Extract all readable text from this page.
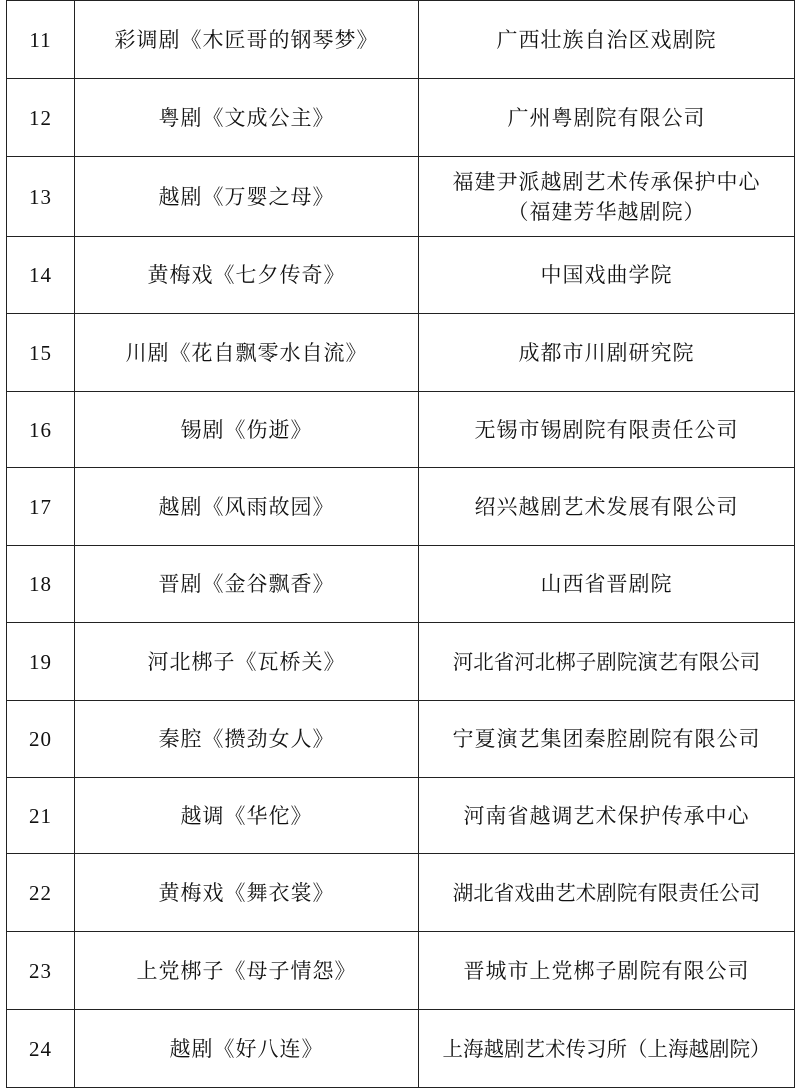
11	彩调剧《木匠哥的钢琴梦》	广西壮族自治区戏剧院

12	粤剧《文成公主》	广州粤剧院有限公司

13	越剧《万婴之母》	福建尹派越剧艺术传承保护中心
（福建芳华越剧院）

14	黄梅戏《七夕传奇》	中国戏曲学院

15	川剧《花自飘零水自流》	成都市川剧研究院

16	锡剧《伤逝》	无锡市锡剧院有限责任公司

17	越剧《风雨故园》	绍兴越剧艺术发展有限公司

18	晋剧《金谷飘香》	山西省晋剧院

19	河北梆子《瓦桥关》	河北省河北梆子剧院演艺有限公司

20	秦腔《攒劲女人》	宁夏演艺集团秦腔剧院有限公司

21	越调《华佗》	河南省越调艺术保护传承中心

22	黄梅戏《舞衣裳》	湖北省戏曲艺术剧院有限责任公司

23	上党梆子《母子情怨》	晋城市上党梆子剧院有限公司

24	越剧《好八连》	上海越剧艺术传习所（上海越剧院）
